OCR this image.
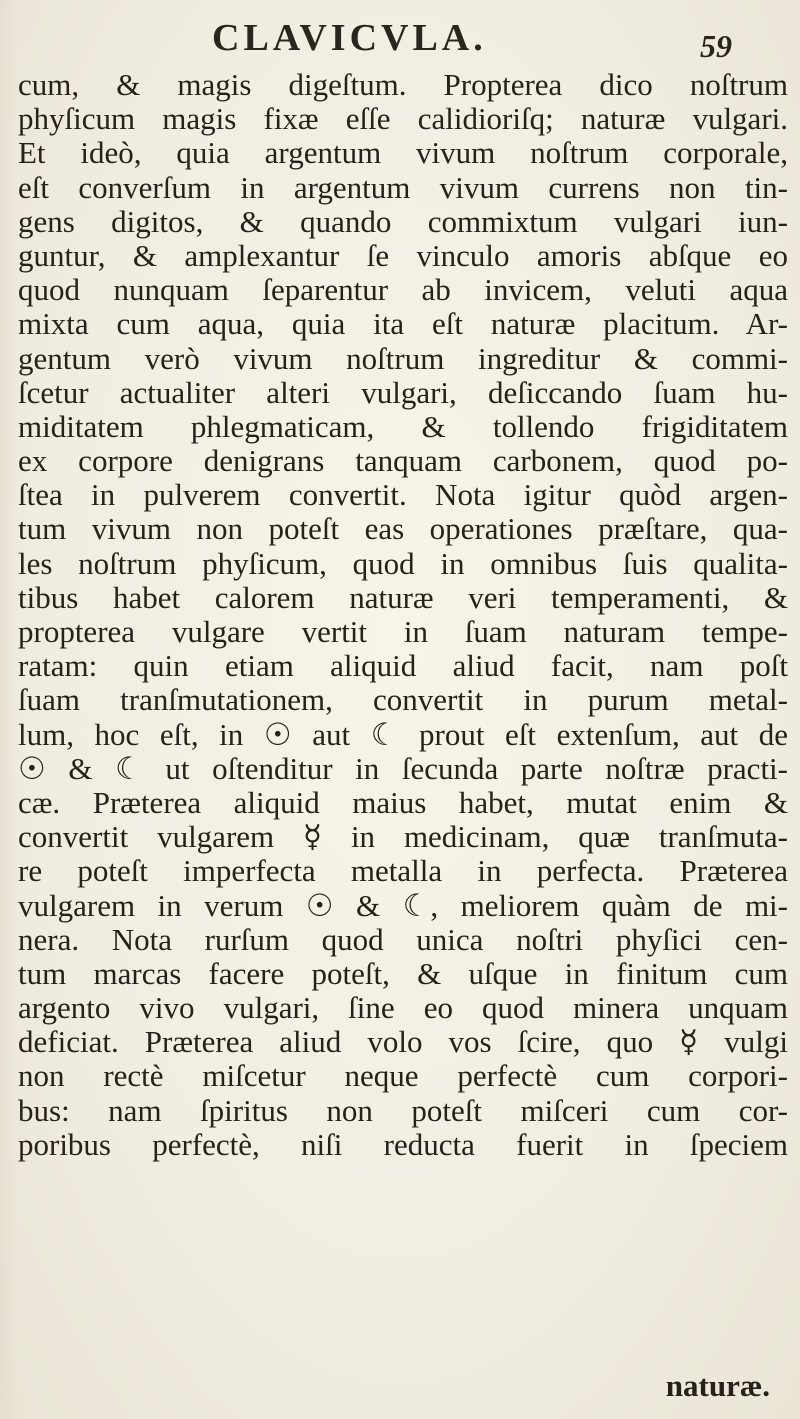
CLAVICVLA.	59
cum, & magis digeſtum. Propterea dico noſtrum
phyſicum magis fixæ eſſe calidioriſq; naturæ vulgari.
Et ideò, quia argentum vivum noſtrum corporale,
eſt converſum in argentum vivum currens non tin-
gens digitos, & quando commixtum vulgari iun-
guntur, & amplexantur ſe vinculo amoris abſque eo
quod nunquam ſeparentur ab invicem, veluti aqua
mixta cum aqua, quia ita eſt naturæ placitum. Ar-
gentum verò vivum noſtrum ingreditur & commi-
ſcetur actualiter alteri vulgari, deſiccando ſuam hu-
miditatem phlegmaticam, & tollendo frigiditatem
ex corpore denigrans tanquam carbonem, quod po-
ſtea in pulverem convertit. Nota igitur quòd argen-
tum vivum non poteſt eas operationes præſtare, qua-
les noſtrum phyſicum, quod in omnibus ſuis qualita-
tibus habet calorem naturæ veri temperamenti, &
propterea vulgare vertit in ſuam naturam tempe-
ratam: quin etiam aliquid aliud facit, nam poſt
ſuam tranſmutationem, convertit in purum metal-
lum, hoc eſt, in ☉ aut ☾ prout eſt extenſum, aut de
☉ & ☾ ut oſtenditur in ſecunda parte noſtræ practi-
cæ. Præterea aliquid maius habet, mutat enim &
convertit vulgarem ☿ in medicinam, quæ tranſmuta-
re poteſt imperfecta metalla in perfecta. Præterea
vulgarem in verum ☉ & ☾, meliorem quàm de mi-
nera. Nota rurſum quod unica noſtri phyſici cen-
tum marcas facere poteſt, & uſque in finitum cum
argento vivo vulgari, ſine eo quod minera unquam
deficiat. Præterea aliud volo vos ſcire, quo ☿ vulgi
non rectè miſcetur neque perfectè cum corpori-
bus: nam ſpiritus non poteſt miſceri cum cor-
poribus perfectè, niſi reducta fuerit in ſpeciem
naturæ.
